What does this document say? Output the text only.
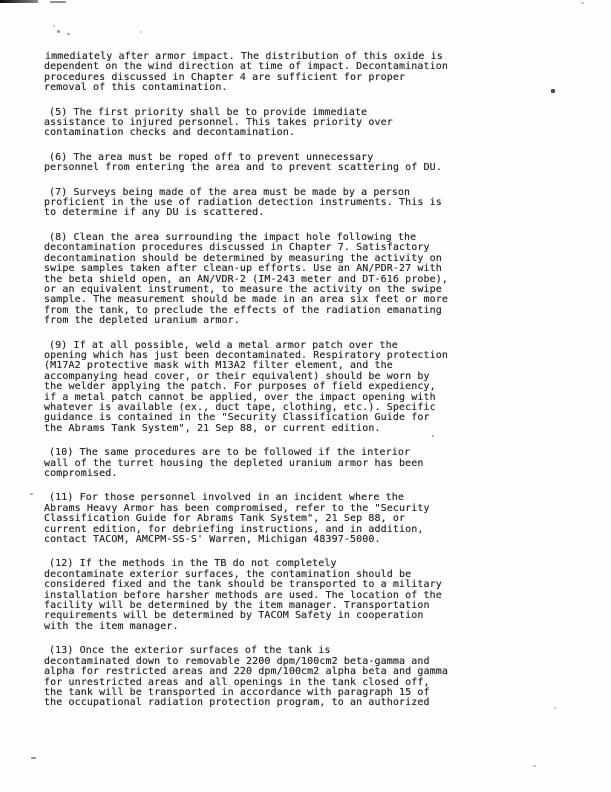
immediately after armor impact. The distribution of this oxide is
dependent on the wind direction at time of impact. Decontamination
procedures discussed in Chapter 4 are sufficient for proper
removal of this contamination.
(5) The first priority shall be to provide immediate
assistance to injured personnel. This takes priority over
contamination checks and decontamination.
(6) The area must be roped off to prevent unnecessary
personnel from entering the area and to prevent scattering of DU.
(7) Surveys being made of the area must be made by a person
proficient in the use of radiation detection instruments. This is
to determine if any DU is scattered.
(8) Clean the area surrounding the impact hole following the
decontamination procedures discussed in Chapter 7. Satisfactory
decontamination should be determined by measuring the activity on
swipe samples taken after clean-up efforts. Use an AN/PDR-27 with
the beta shield open, an AN/VDR-2 (IM-243 meter and DT-616 probe),
or an equivalent instrument, to measure the activity on the swipe
sample. The measurement should be made in an area six feet or more
from the tank, to preclude the effects of the radiation emanating
from the depleted uranium armor.
(9) If at all possible, weld a metal armor patch over the
opening which has just been decontaminated. Respiratory protection
(M17A2 protective mask with M13A2 filter element, and the
accompanying head cover, or their equivalent) should be worn by
the welder applying the patch. For purposes of field expediency,
if a metal patch cannot be applied, over the impact opening with
whatever is available (ex., duct tape, clothing, etc.). Specific
guidance is contained in the "Security Classification Guide for
the Abrams Tank System", 21 Sep 88, or current edition.
(10) The same procedures are to be followed if the interior
wall of the turret housing the depleted uranium armor has been
compromised.
(11) For those personnel involved in an incident where the
Abrams Heavy Armor has been compromised, refer to the "Security
Classification Guide for Abrams Tank System", 21 Sep 88, or
current edition, for debriefing instructions, and in addition,
contact TACOM, AMCPM-SS-S' Warren, Michigan 48397-5000.
(12) If the methods in the TB do not completely
decontaminate exterior surfaces, the contamination should be
considered fixed and the tank should be transported to a military
installation before harsher methods are used. The location of the
facility will be determined by the item manager. Transportation
requirements will be determined by TACOM Safety in cooperation
with the item manager.
(13) Once the exterior surfaces of the tank is
decontaminated down to removable 2200 dpm/100cm2 beta-gamma and
alpha for restricted areas and 220 dpm/100cm2 alpha beta and gamma
for unrestricted areas and all openings in the tank closed off,
the tank will be transported in accordance with paragraph 15 of
the occupational radiation protection program, to an authorized
